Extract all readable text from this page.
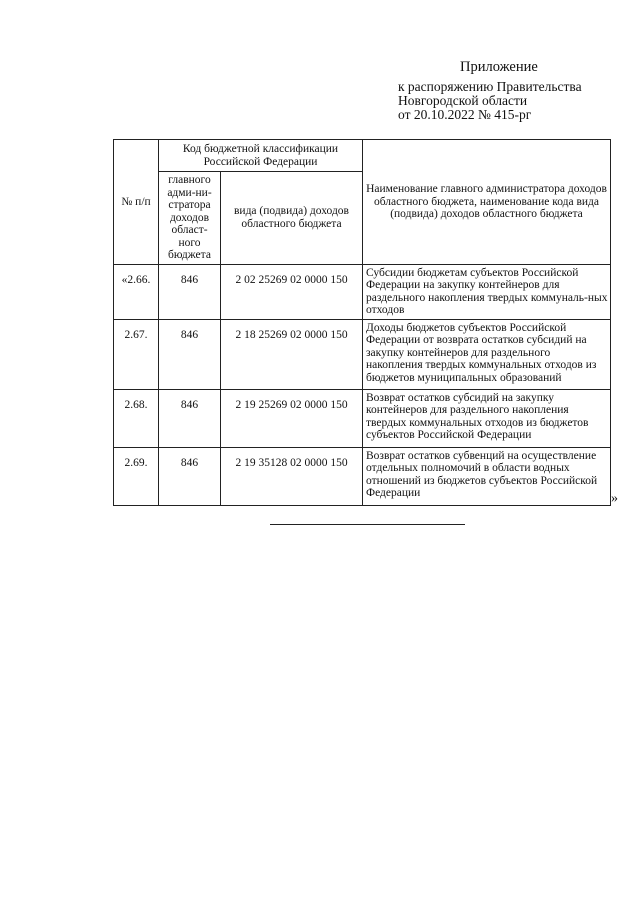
Приложение
к распоряжению Правительства
Новгородской области
от 20.10.2022 № 415-рг
№ п/п	Код бюджетной классификации Российской Федерации		Наименование главного администратора доходов областного бюджета, наименование кода вида (подвида) доходов областного бюджета
	главного адми-ни-стратора доходов област-ного бюджета	вида (подвида) доходов областного бюджета	
«2.66.	846	2 02 25269 02 0000 150	Субсидии бюджетам субъектов Российской Федерации на закупку контейнеров для раздельного накопления твердых коммуналь-ных отходов
2.67.	846	2 18 25269 02 0000 150	Доходы бюджетов субъектов Российской Федерации от возврата остатков субсидий на закупку контейнеров для раздельного накопления твердых коммунальных отходов из бюджетов муниципальных образований
2.68.	846	2 19 25269 02 0000 150	Возврат остатков субсидий на закупку контейнеров для раздельного накопления твердых коммунальных отходов из бюджетов субъектов Российской Федерации
2.69.	846	2 19 35128 02 0000 150	Возврат остатков субвенций на осуществление отдельных полномочий в области водных отношений из бюджетов субъектов Российской Федерации	»
